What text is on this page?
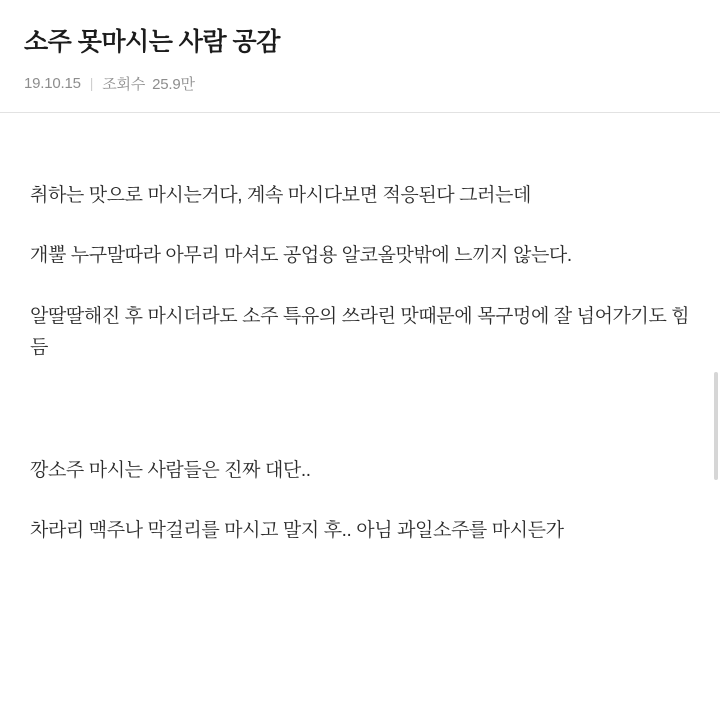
소주 못마시는 사람 공감
19.10.15 | 조회수 25.9만

취하는 맛으로 마시는거다, 계속 마시다보면 적응된다 그러는데

개뿔 누구말따라 아무리 마셔도 공업용 알코올맛밖에 느끼지 않는다.

알딸딸해진 후 마시더라도 소주 특유의 쓰라린 맛때문에 목구멍에 잘 넘어가기도 힘듬

깡소주 마시는 사람들은 진짜 대단..

차라리 맥주나 막걸리를 마시고 말지 후.. 아님 과일소주를 마시든가
